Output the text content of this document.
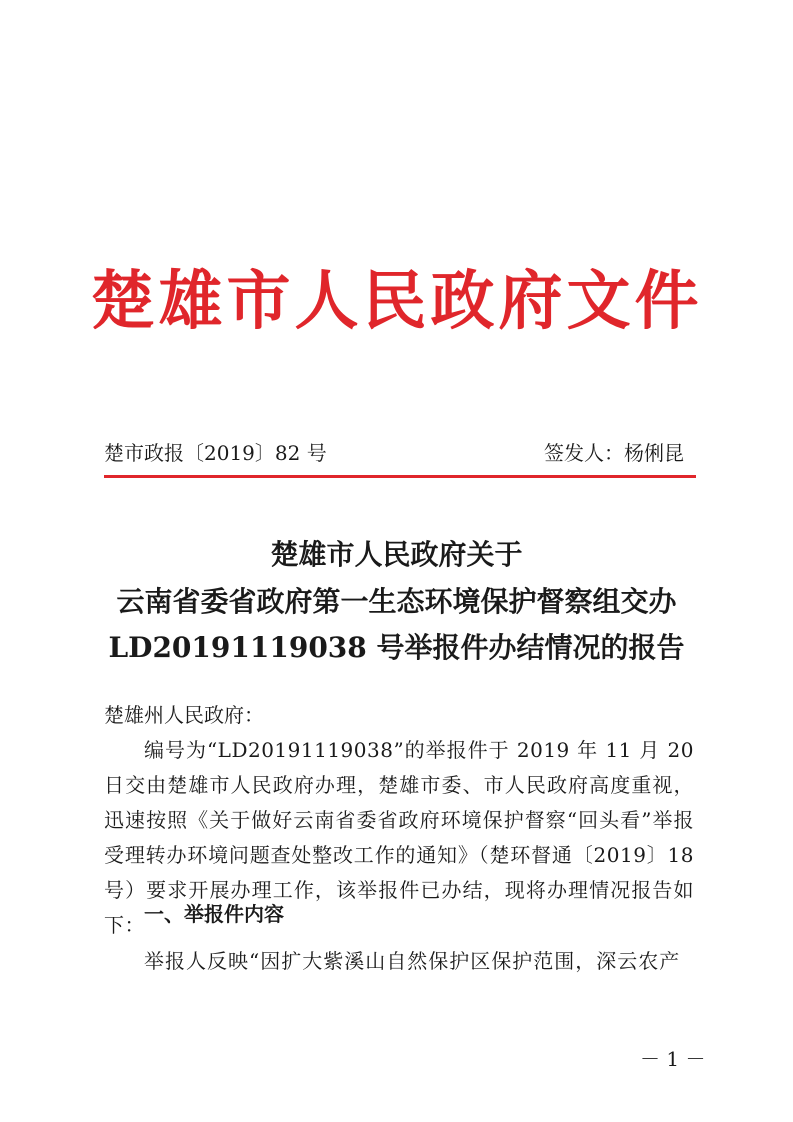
楚雄市人民政府文件
楚市政报〔2019〕82 号	签发人：杨俐昆
楚雄市人民政府关于
云南省委省政府第一生态环境保护督察组交办
LD20191119038 号举报件办结情况的报告
楚雄州人民政府：

编号为“LD20191119038”的举报件于 2019 年 11 月 20 日交由楚雄市人民政府办理，楚雄市委、市人民政府高度重视，迅速按照《关于做好云南省委省政府环境保护督察“回头看”举报受理转办环境问题查处整改工作的通知》（楚环督通〔2019〕18 号）要求开展办理工作，该举报件已办结，现将办理情况报告如下： 一、举报件内容
举报人反映“因扩大紫溪山自然保护区保护范围，深云农产
－ 1 －
